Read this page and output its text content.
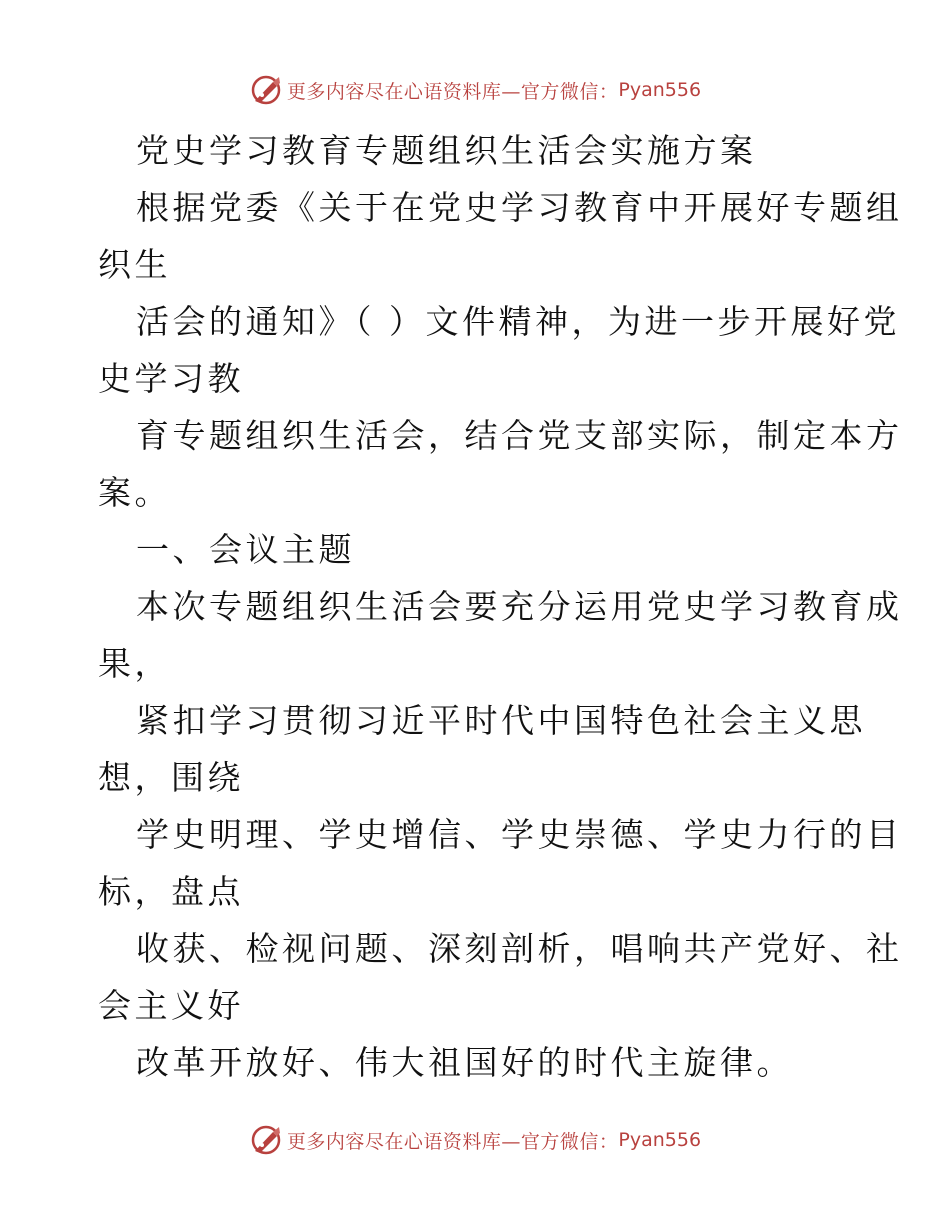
更多内容尽在心语资料库—官方微信： Pyan556
党史学习教育专题组织生活会实施方案
根据党委《关于在党史学习教育中开展好专题组
织生
活会的通知》（ ）文件精神，为进一步开展好党
史学习教
育专题组织生活会，结合党支部实际，制定本方
案。
一、会议主题
本次专题组织生活会要充分运用党史学习教育成
果，
紧扣学习贯彻习近平时代中国特色社会主义思
想，围绕
学史明理、学史增信、学史崇德、学史力行的目
标，盘点
收获、检视问题、深刻剖析，唱响共产党好、社
会主义好
改革开放好、伟大祖国好的时代主旋律。
更多内容尽在心语资料库—官方微信： Pyan556
